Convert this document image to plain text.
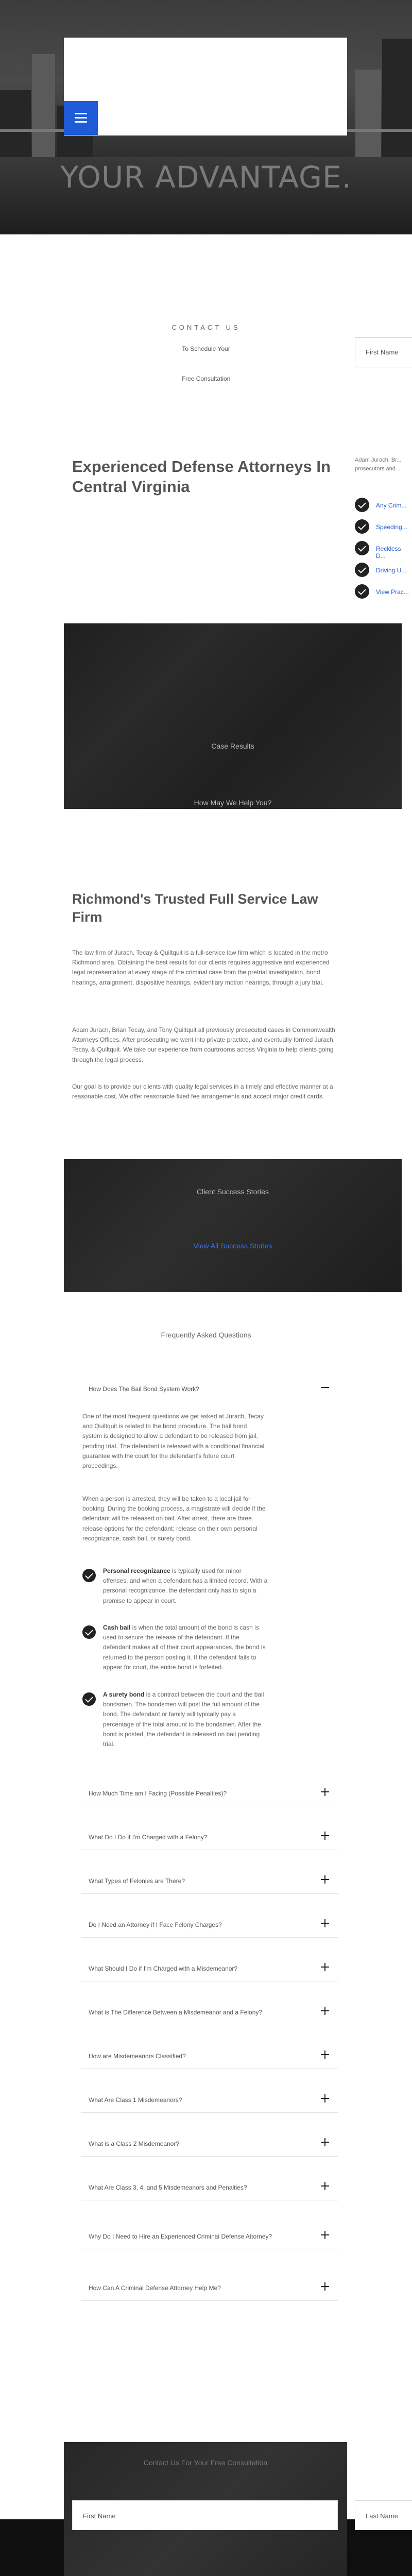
YOUR ADVANTAGE.
CONTACT US
To Schedule Your
Free Consultation
First Name
Experienced Defense Attorneys In Central Virginia
Adam Jurach, Br... prosecutors and...
Any Crim...
Speeding...
Reckless D...
Driving U...
View Prac...
Case Results
How May We Help You?
Richmond's Trusted Full Service Law Firm
The law firm of Jurach, Tecay & Quiltquit is a full-service law firm which is located in the metro Richmond area. Obtaining the best results for our clients requires aggressive and experienced legal representation at every stage of the criminal case from the pretrial investigation, bond hearings, arraignment, dispositive hearings, evidentiary motion hearings, through a jury trial.
Adam Jurach, Brian Tecay, and Tony Quiltquit all previously prosecuted cases in Commonwealth Attorneys Offices. After prosecuting we went into private practice, and eventually formed Jurach, Tecay, & Quiltquit. We take our experience from courtrooms across Virginia to help clients going through the legal process.
Our goal is to provide our clients with quality legal services in a timely and effective manner at a reasonable cost. We offer reasonable fixed fee arrangements and accept major credit cards.
Client Success Stories
View All Success Stories
Frequently Asked Questions
How Does The Bail Bond System Work?
One of the most frequent questions we get asked at Jurach, Tecay and Quiltquit is related to the bond procedure. The bail bond system is designed to allow a defendant to be released from jail, pending trial. The defendant is released with a conditional financial guarantee with the court for the defendant's future court proceedings.
When a person is arrested, they will be taken to a local jail for booking. During the booking process, a magistrate will decide if the defendant will be released on bail. After arrest, there are three release options for the defendant: release on their own personal recognizance, cash bail, or surety bond.
Personal recognizance is typically used for minor offenses, and when a defendant has a limited record. With a personal recognizance, the defendant only has to sign a promise to appear in court.
Cash bail is when the total amount of the bond is cash is used to secure the release of the defendant. If the defendant makes all of their court appearances, the bond is returned to the person posting it. If the defendant fails to appear for court, the entire bond is forfeited.
A surety bond is a contract between the court and the bail bondsmen. The bondsmen will post the full amount of the bond. The defendant or family will typically pay a percentage of the total amount to the bondsmen. After the bond is posted, the defendant is released on bail pending trial.
How Much Time am I Facing (Possible Penalties)?
What Do I Do if I'm Charged with a Felony?
What Types of Felonies are There?
Do I Need an Attorney if I Face Felony Charges?
What Should I Do if I'm Charged with a Misdemeanor?
What is The Difference Between a Misdemeanor and a Felony?
How are Misdemeanors Classified?
What Are Class 1 Misdemeanors?
What is a Class 2 Misdemeanor?
What Are Class 3, 4, and 5 Misdemeanors and Penalties?
Why Do I Need to Hire an Experienced Criminal Defense Attorney?
How Can A Criminal Defense Attorney Help Me?
Contact Us For Your Free Consultation
First Name	Last Name
